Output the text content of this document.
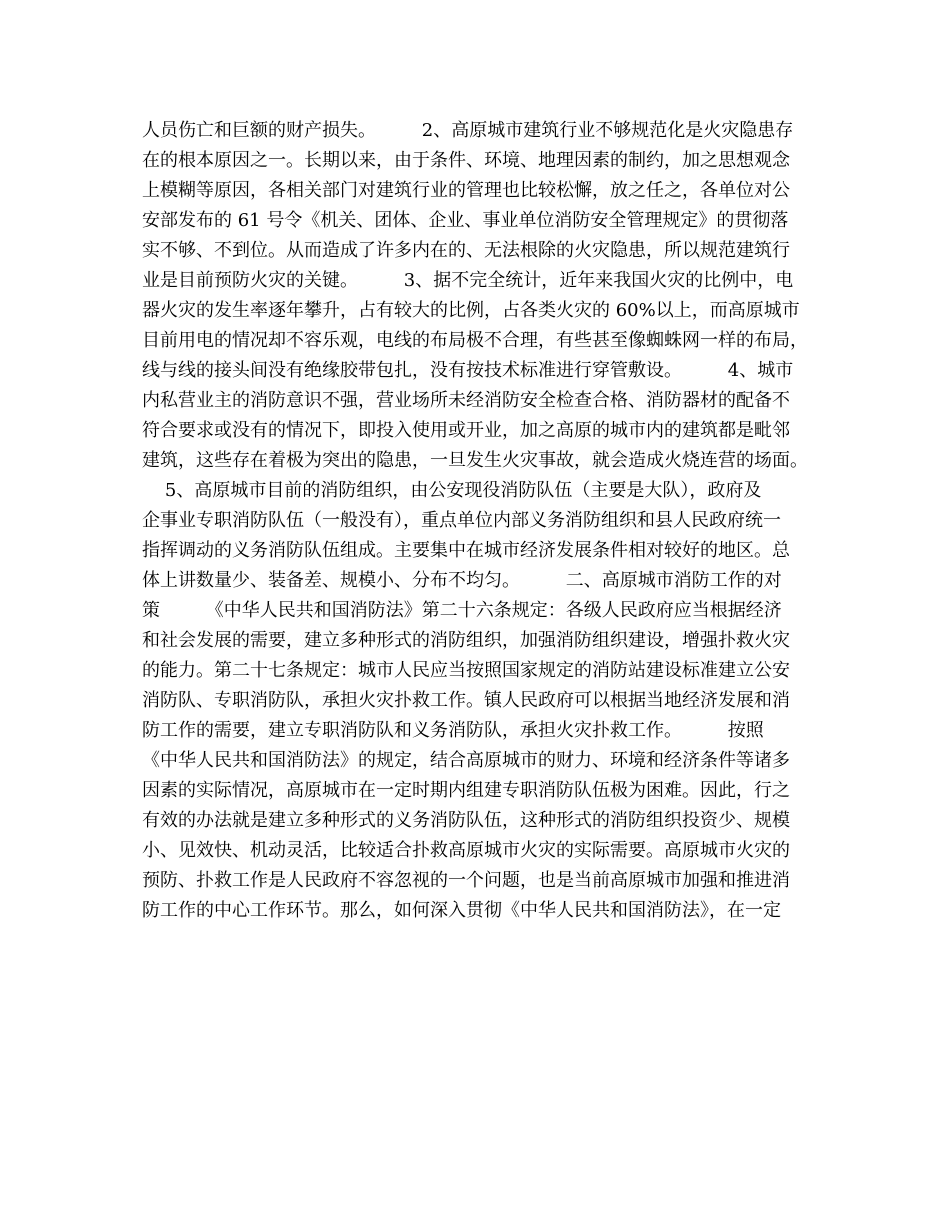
人员伤亡和巨额的财产损失。        2、高原城市建筑行业不够规范化是火灾隐患存
在的根本原因之一。长期以来，由于条件、环境、地理因素的制约，加之思想观念
上模糊等原因，各相关部门对建筑行业的管理也比较松懈，放之任之，各单位对公
安部发布的 61 号令《机关、团体、企业、事业单位消防安全管理规定》的贯彻落
实不够、不到位。从而造成了许多内在的、无法根除的火灾隐患，所以规范建筑行
业是目前预防火灾的关键。        3、据不完全统计，近年来我国火灾的比例中，电
器火灾的发生率逐年攀升，占有较大的比例，占各类火灾的 60%以上，而高原城市
目前用电的情况却不容乐观，电线的布局极不合理，有些甚至像蜘蛛网一样的布局，
线与线的接头间没有绝缘胶带包扎，没有按技术标准进行穿管敷设。        4、城市
内私营业主的消防意识不强，营业场所未经消防安全检查合格、消防器材的配备不
符合要求或没有的情况下，即投入使用或开业，加之高原的城市内的建筑都是毗邻
建筑，这些存在着极为突出的隐患，一旦发生火灾事故，就会造成火烧连营的场面。
5、高原城市目前的消防组织，由公安现役消防队伍（主要是大队），政府及
企事业专职消防队伍（一般没有），重点单位内部义务消防组织和县人民政府统一
指挥调动的义务消防队伍组成。主要集中在城市经济发展条件相对较好的地区。总
体上讲数量少、装备差、规模小、分布不均匀。        二、高原城市消防工作的对
策        《中华人民共和国消防法》第二十六条规定：各级人民政府应当根据经济
和社会发展的需要，建立多种形式的消防组织，加强消防组织建设，增强扑救火灾
的能力。第二十七条规定：城市人民应当按照国家规定的消防站建设标准建立公安
消防队、专职消防队，承担火灾扑救工作。镇人民政府可以根据当地经济发展和消
防工作的需要，建立专职消防队和义务消防队，承担火灾扑救工作。        按照
《中华人民共和国消防法》的规定，结合高原城市的财力、环境和经济条件等诸多
因素的实际情况，高原城市在一定时期内组建专职消防队伍极为困难。因此，行之
有效的办法就是建立多种形式的义务消防队伍，这种形式的消防组织投资少、规模
小、见效快、机动灵活，比较适合扑救高原城市火灾的实际需要。高原城市火灾的
预防、扑救工作是人民政府不容忽视的一个问题，也是当前高原城市加强和推进消
防工作的中心工作环节。那么，如何深入贯彻《中华人民共和国消防法》，在一定
